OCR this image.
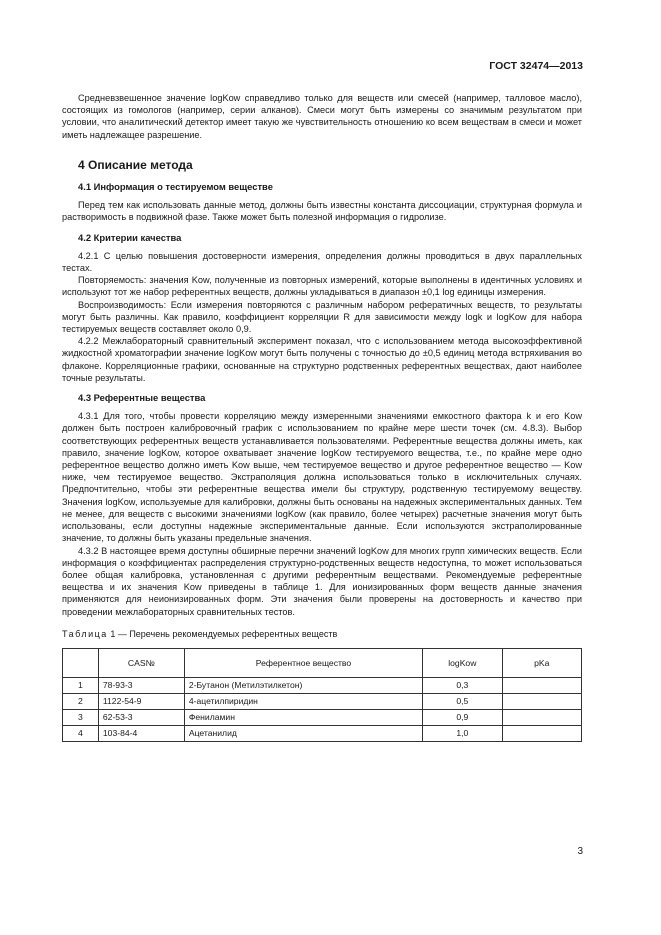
ГОСТ 32474—2013

Средневзвешенное значение logKow справедливо только для веществ или смесей (например, талловое масло), состоящих из гомологов (например, серии алканов). Смеси могут быть измерены со значимым результатом при условии, что аналитический детектор имеет такую же чувствительность отношению ко всем веществам в смеси и может иметь надлежащее разрешение.

4 Описание метода
4.1 Информация о тестируемом веществе

Перед тем как использовать данные метод, должны быть известны константа диссоциации, структурная формула и растворимость в подвижной фазе. Также может быть полезной информация о гидролизе.

4.2 Критерии качества

4.2.1 С целью повышения достоверности измерения, определения должны проводиться в двух параллельных тестах.

Повторяемость: значения Kow, полученные из повторных измерений, которые выполнены в идентичных условиях и используют тот же набор референтных веществ, должны укладываться в диапазон ±0,1 log единицы измерения.

Воспроизводимость: Если измерения повторяются с различным набором рефератичных веществ, то результаты могут быть различны. Как правило, коэффициент корреляции R для зависимости между logk и logKow для набора тестируемых веществ составляет около 0,9.

4.2.2 Межлабораторный сравнительный эксперимент показал, что с использованием метода высокоэффективной жидкостной хроматографии значение logKow могут быть получены с точностью до ±0,5 единиц метода встряхивания во флаконе. Корреляционные графики, основанные на структурно родственных референтных веществах, дают наиболее точные результаты.

4.3 Референтные вещества

4.3.1 Для того, чтобы провести корреляцию между измеренными значениями емкостного фактора k и его Kow должен быть построен калибровочный график с использованием по крайне мере шести точек (см. 4.8.3). Выбор соответствующих референтных веществ устанавливается пользователями. Референтные вещества должны иметь, как правило, значение logKow, которое охватывает значение logKow тестируемого вещества, т.е., по крайне мере одно референтное вещество должно иметь Kow выше, чем тестируемое вещество и другое референтное вещество — Kow ниже, чем тестируемое вещество. Экстраполяция должна использоваться только в исключительных случаях. Предпочтительно, чтобы эти референтные вещества имели бы структуру, родственную тестируемому веществу. Значения logKow, используемые для калибровки, должны быть основаны на надежных экспериментальных данных. Тем не менее, для веществ с высокими значениями logKow (как правило, более четырех) расчетные значения могут быть использованы, если доступны надежные экспериментальные данные. Если используются экстраполированные значение, то должны быть указаны предельные значения.

4.3.2 В настоящее время доступны обширные перечни значений logKow для многих групп химических веществ. Если информация о коэффициентах распределения структурно-родственных веществ недоступна, то может использоваться более общая калибровка, установленная с другими референтным веществами. Рекомендуемые референтные вещества и их значения Kow приведены в таблице 1. Для ионизированных форм веществ данные значения применяются для неионизированных форм. Эти значения были проверены на достоверность и качество при проведении межлабораторных сравнительных тестов.

Таблица 1 — Перечень рекомендуемых референтных веществ
	CAS№	Референтное вещество	logKow	pKa
1	78-93-3	2-Бутанон (Метилэтилкетон)	0,3	
2	1122-54-9	4-ацетилпиридин	0,5	
3	62-53-3	Фениламин	0,9	
4	103-84-4	Ацетанилид	1,0	
3
